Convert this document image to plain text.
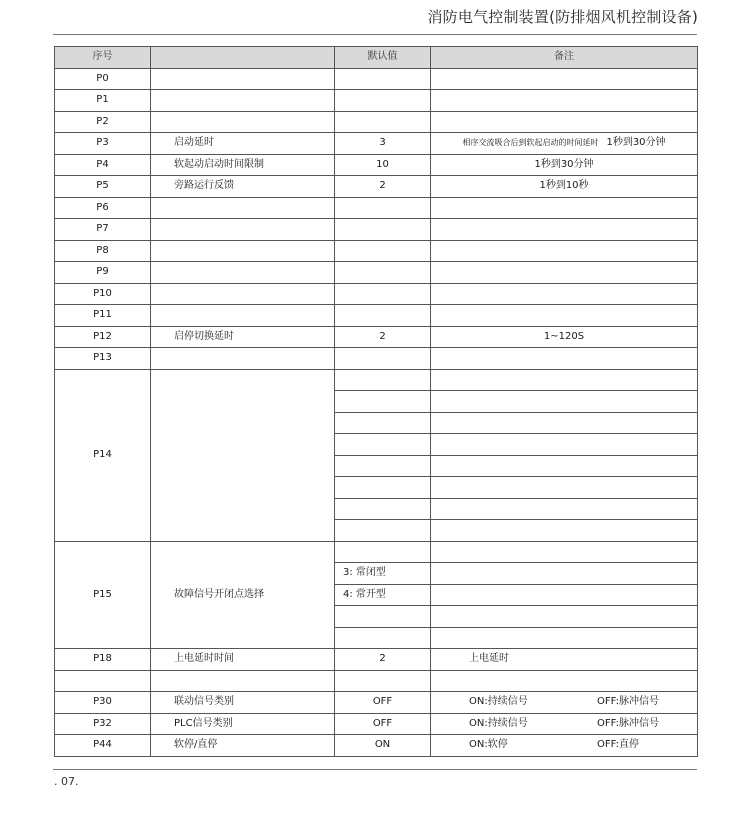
消防电气控制装置(防排烟风机控制设备)
序号		默认值	备注
P0			
P1			
P2			
P3	启动延时	3	相序交流吸合后到软起启动的时间延时 1秒到30分钟
P4	软起动启动时间限制	10	1秒到30分钟
P5	旁路运行反馈	2	1秒到10秒
P6			
P7			
P8			
P9			
P10			
P11			
P12	启停切换延时	2	1~120S
P13			
P14			

P15	故障信号开闭点选择		
		3: 常闭型	
		4: 常开型	

P18	上电延时时间	2	上电延时

P30	联动信号类别	OFF	ON:持续信号 OFF:脉冲信号

P32	PLC信号类别	OFF	ON:持续信号 OFF:脉冲信号

P44	软停/直停	ON	ON:软停 OFF:直停
. 07.
